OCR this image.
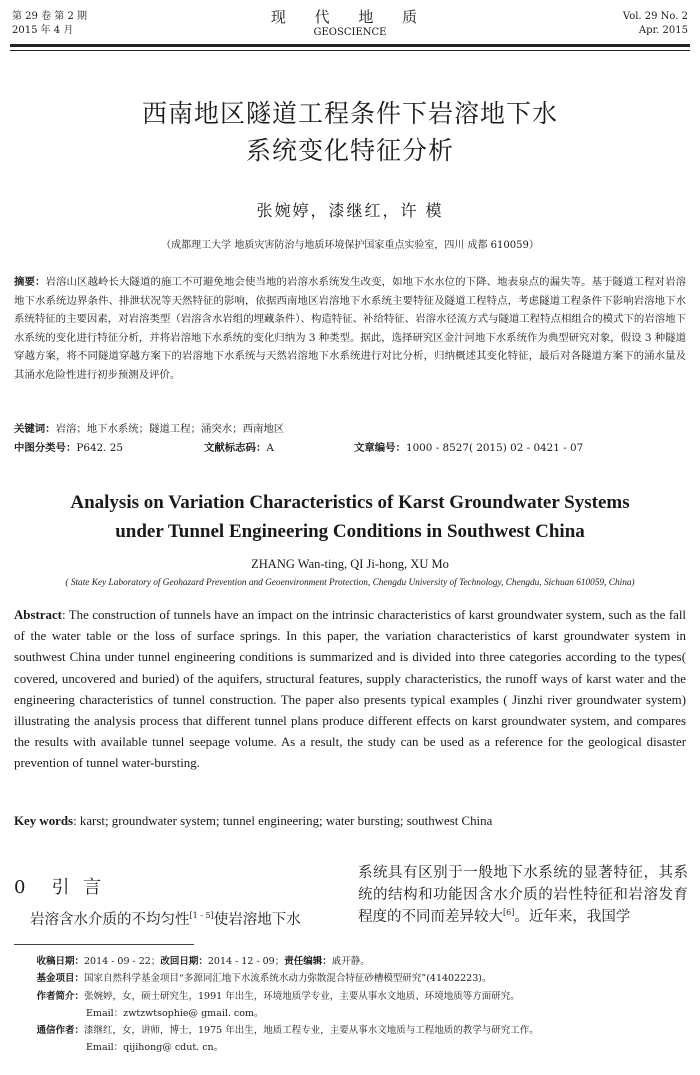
第 29 卷 第 2 期
2015 年 4 月
现 代 地 质
GEOSCIENCE
Vol. 29 No. 2
Apr. 2015
西南地区隧道工程条件下岩溶地下水
系统变化特征分析
张婉婷，漆继红，许 模
（成都理工大学 地质灾害防治与地质环境保护国家重点实验室，四川 成都 610059）
摘要：岩溶山区越岭长大隧道的施工不可避免地会使当地的岩溶水系统发生改变，如地下水水位的下降、地表泉点的漏失等。基于隧道工程对岩溶地下水系统边界条件、排泄状况等天然特征的影响，依据西南地区岩溶地下水系统主要特征及隧道工程特点，考虑隧道工程条件下影响岩溶地下水系统特征的主要因素，对岩溶类型（岩溶含水岩组的埋藏条件）、构造特征、补给特征、岩溶水径流方式与隧道工程特点相组合的模式下的岩溶地下水系统的变化进行特征分析，并将岩溶地下水系统的变化归纳为 3 种类型。据此，选择研究区金汁河地下水系统作为典型研究对象，假设 3 种隧道穿越方案，将不同隧道穿越方案下的岩溶地下水系统与天然岩溶地下水系统进行对比分析，归纳概述其变化特征，最后对各隧道方案下的涌水量及其涌水危险性进行初步预测及评价。
关键词：岩溶；地下水系统；隧道工程；涌突水；西南地区
中图分类号：P642. 25	文献标志码：A	文章编号：1000 - 8527( 2015) 02 - 0421 - 07
Analysis on Variation Characteristics of Karst Groundwater Systems
under Tunnel Engineering Conditions in Southwest China
ZHANG Wan-ting, QI Ji-hong, XU Mo
( State Key Laboratory of Geohazard Prevention and Geoenvironment Protection, Chengdu University of Technology, Chengdu, Sichuan 610059, China)
Abstract: The construction of tunnels have an impact on the intrinsic characteristics of karst groundwater system, such as the fall of the water table or the loss of surface springs. In this paper, the variation characteristics of karst groundwater system in southwest China under tunnel engineering conditions is summarized and is divided into three categories according to the types( covered, uncovered and buried) of the aquifers, structural features, supply characteristics, the runoff ways of karst water and the engineering characteristics of tunnel construction. The paper also presents typical examples ( Jinzhi river groundwater system) illustrating the analysis process that different tunnel plans produce different effects on karst groundwater system, and compares the results with available tunnel seepage volume. As a result, the study can be used as a reference for the geological disaster prevention of tunnel water-bursting.
Key words: karst; groundwater system; tunnel engineering; water bursting; southwest China
0 引 言
岩溶含水介质的不均匀性[1 - 5]使岩溶地下水
系统具有区别于一般地下水系统的显著特征，其系统的结构和功能因含水介质的岩性特征和岩溶发育程度的不同而差异较大[6]。近年来，我国学
收稿日期：2014 - 09 - 22；改回日期：2014 - 12 - 09；责任编辑：戚开静。
基金项目：国家自然科学基金项目“多源同汇地下水流系统水动力弥散混合特征砂槽模型研究”(41402223)。
作者简介：张婉婷，女，硕士研究生，1991 年出生，环境地质学专业，主要从事水文地质、环境地质等方面研究。
Email：zwtzwtsophie@ gmail. com。
通信作者：漆继红，女，讲师，博士，1975 年出生，地质工程专业，主要从事水文地质与工程地质的教学与研究工作。
Email：qijihong@ cdut. cn。
